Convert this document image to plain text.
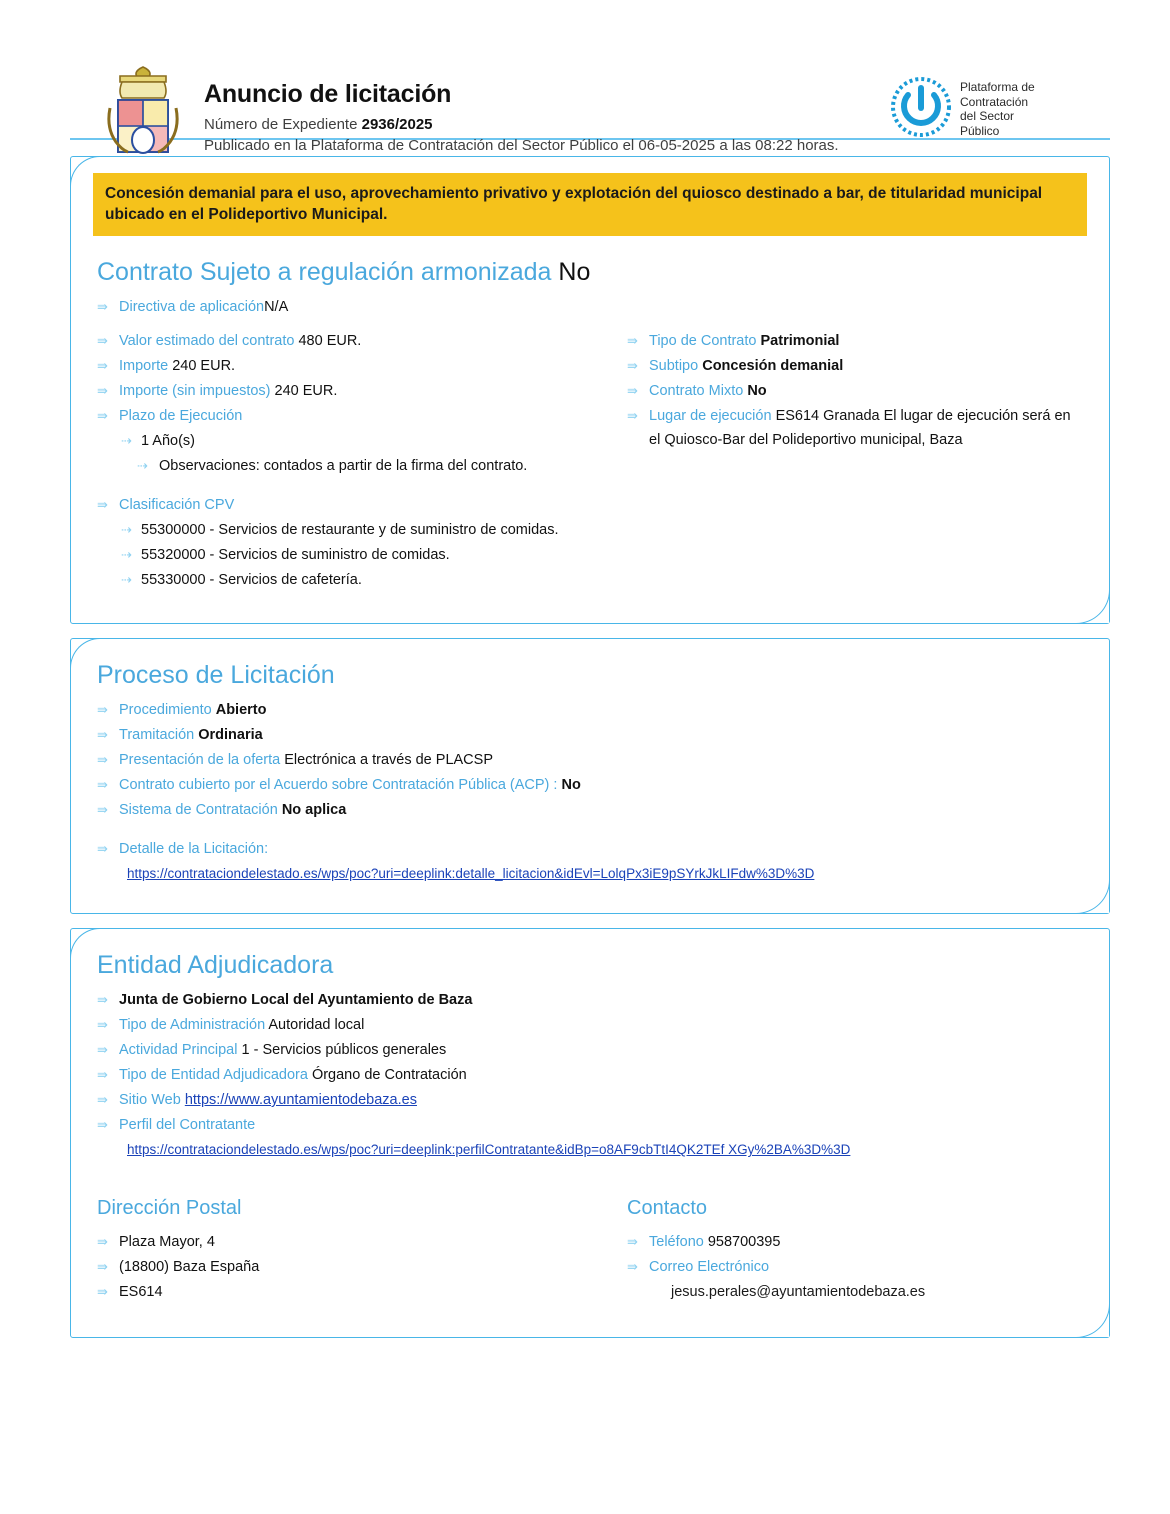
Anuncio de licitación
Número de Expediente 2936/2025
Publicado en la Plataforma de Contratación del Sector Público el 06-05-2025 a las 08:22 horas.
Plataforma de
Contratación
del Sector
Público
Concesión demanial para el uso, aprovechamiento privativo y explotación del quiosco destinado a bar, de titularidad municipal ubicado en el Polideportivo Municipal.
Contrato Sujeto a regulación armonizada No
⇛ Directiva de aplicaciónN/A
⇛ Valor estimado del contrato 480 EUR.
⇛ Importe 240 EUR.
⇛ Importe (sin impuestos) 240 EUR.
⇛ Plazo de Ejecución
⇢ 1 Año(s)
⇢ Observaciones: contados a partir de la firma del contrato.
⇛ Tipo de Contrato Patrimonial
⇛ Subtipo Concesión demanial
⇛ Contrato Mixto No
⇛ Lugar de ejecución ES614 Granada El lugar de ejecución será en el Quiosco-Bar del Polideportivo municipal, Baza
⇛ Clasificación CPV
⇢ 55300000 - Servicios de restaurante y de suministro de comidas.
⇢ 55320000 - Servicios de suministro de comidas.
⇢ 55330000 - Servicios de cafetería.
Proceso de Licitación
⇛ Procedimiento Abierto
⇛ Tramitación Ordinaria
⇛ Presentación de la oferta Electrónica a través de PLACSP
⇛ Contrato cubierto por el Acuerdo sobre Contratación Pública (ACP) : No
⇛ Sistema de Contratación No aplica
⇛ Detalle de la Licitación:
https://contrataciondelestado.es/wps/poc?uri=deeplink:detalle_licitacion&idEvl=LolqPx3iE9pSYrkJkLIFdw%3D%3D
Entidad Adjudicadora
⇛ Junta de Gobierno Local del Ayuntamiento de Baza
⇛ Tipo de Administración Autoridad local
⇛ Actividad Principal 1 - Servicios públicos generales
⇛ Tipo de Entidad Adjudicadora Órgano de Contratación
⇛ Sitio Web https://www.ayuntamientodebaza.es
⇛ Perfil del Contratante
https://contrataciondelestado.es/wps/poc?uri=deeplink:perfilContratante&idBp=o8AF9cbTtI4QK2TEf XGy%2BA%3D%3D
Dirección Postal
⇛ Plaza Mayor, 4
⇛ (18800) Baza España
⇛ ES614
Contacto
⇛ Teléfono 958700395
⇛ Correo Electrónico
jesus.perales@ayuntamientodebaza.es
